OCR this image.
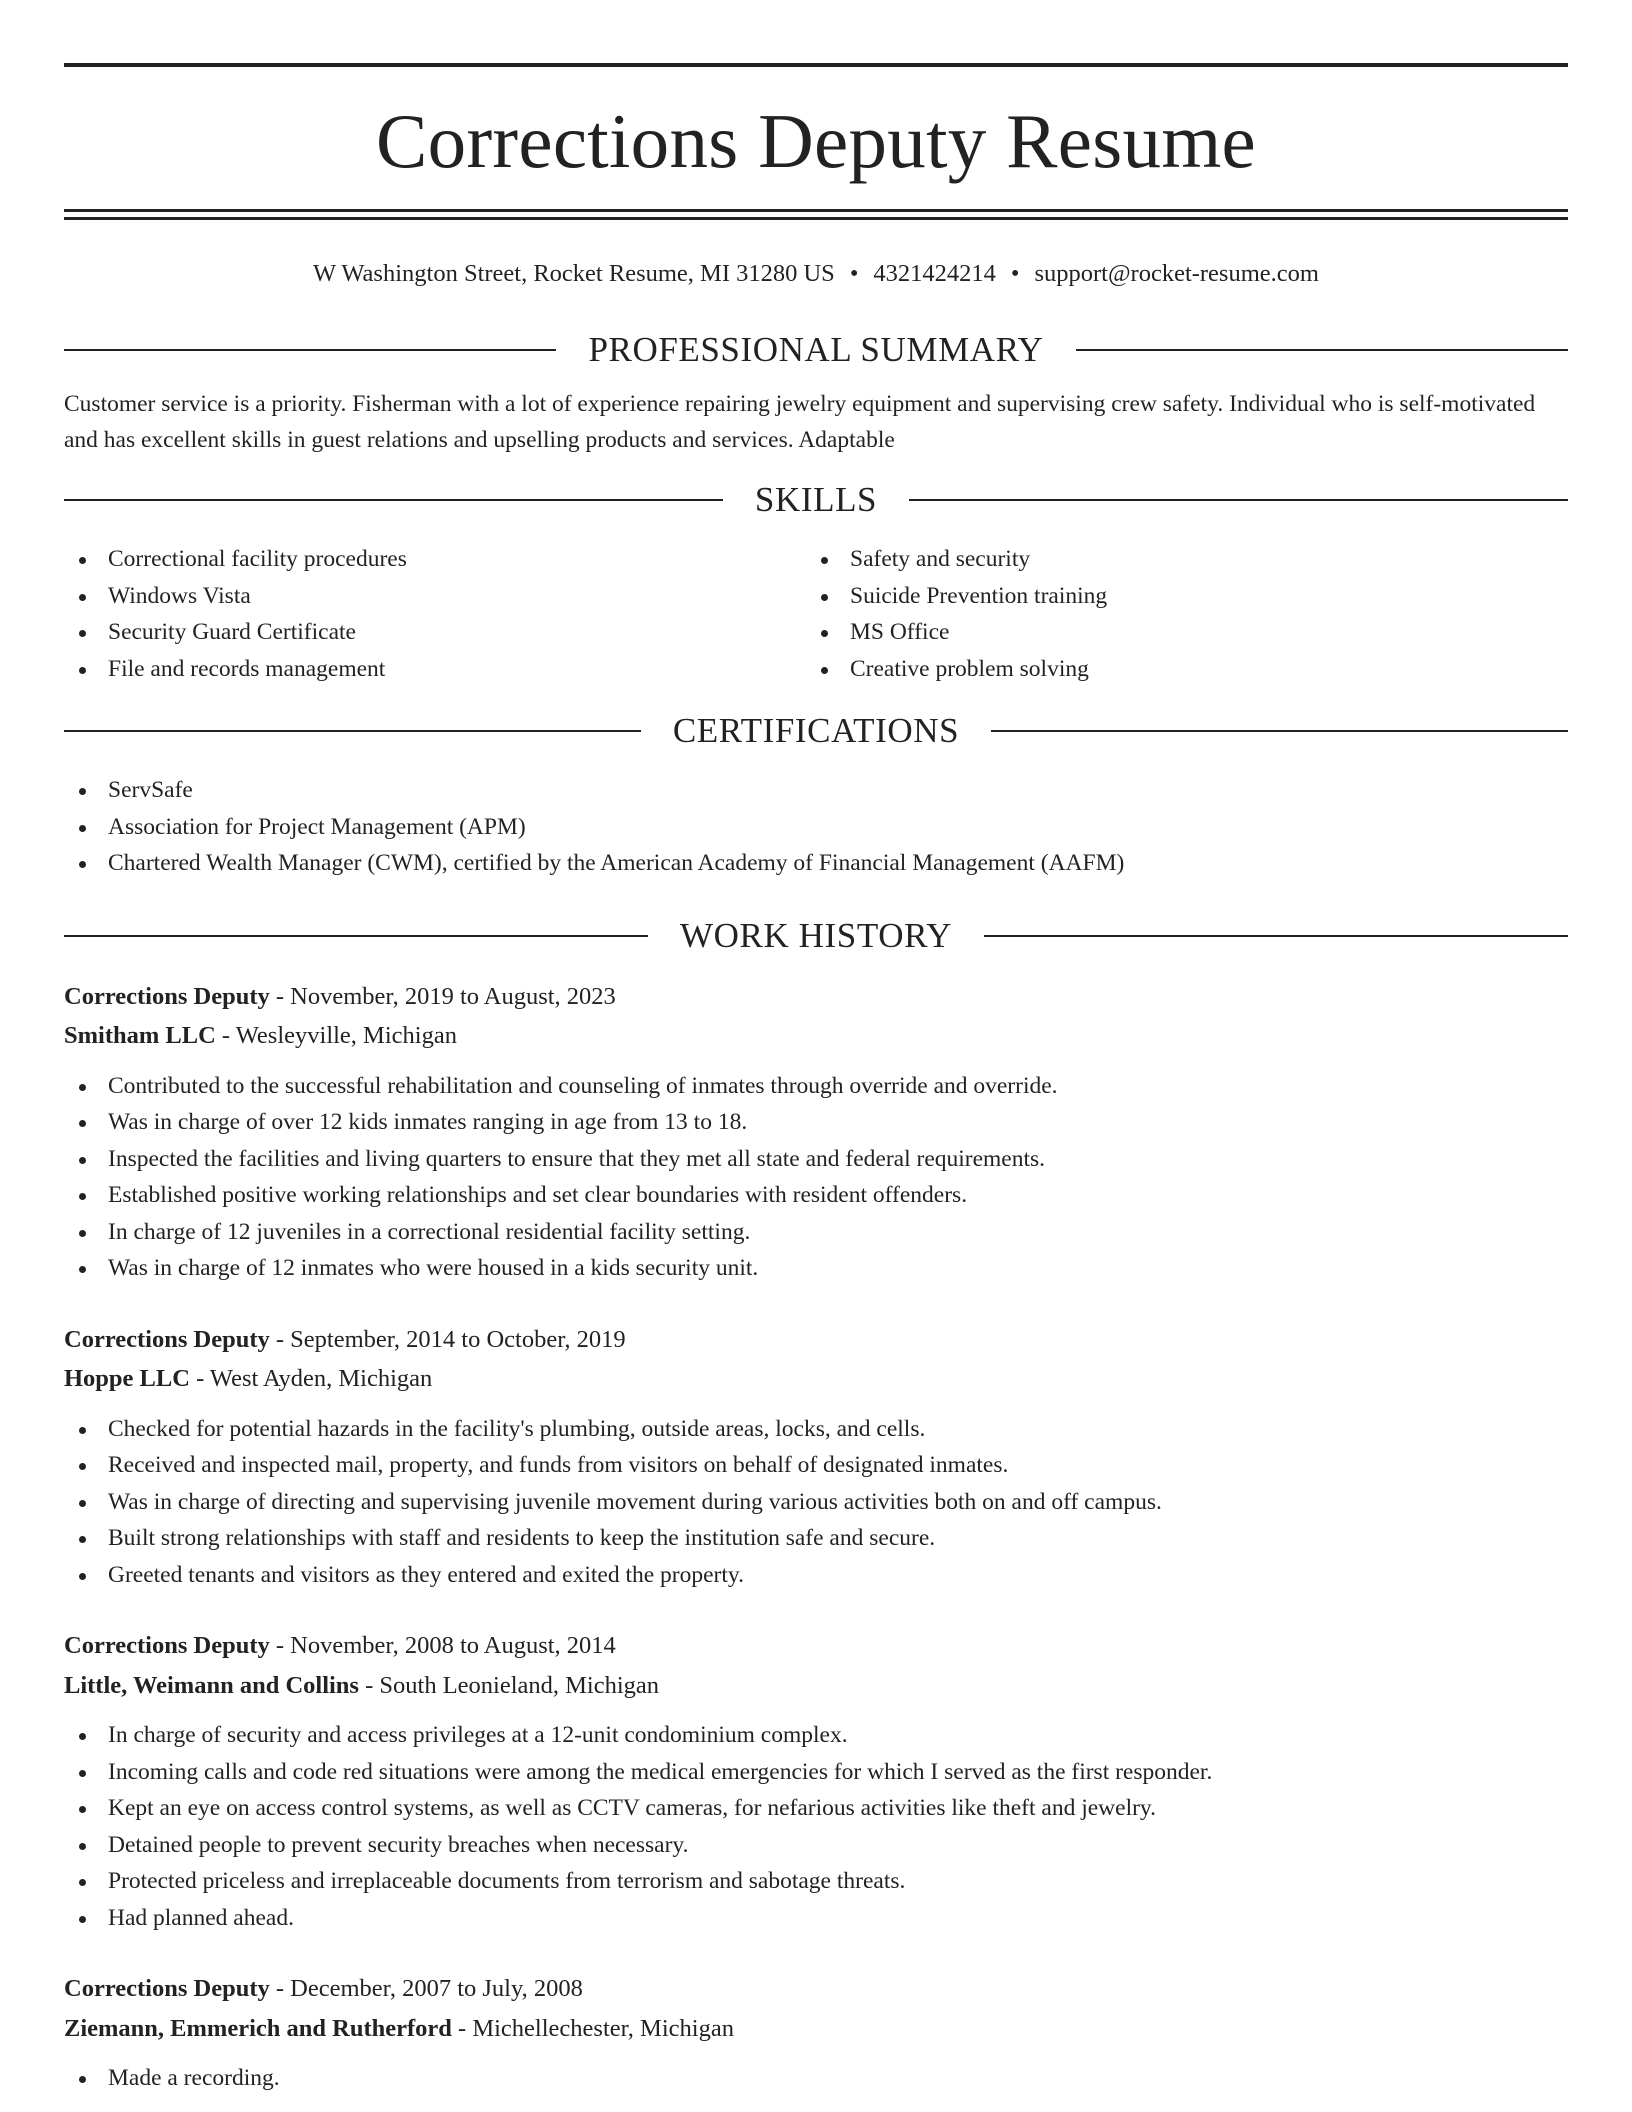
Corrections Deputy Resume
W Washington Street, Rocket Resume, MI 31280 US • 4321424214 • support@rocket-resume.com
PROFESSIONAL SUMMARY

Customer service is a priority. Fisherman with a lot of experience repairing jewelry equipment and supervising crew safety. Individual who is self-motivated and has excellent skills in guest relations and upselling products and services. Adaptable

SKILLS
Correctional facility procedures
Windows Vista
Security Guard Certificate
File and records management
Safety and security
Suicide Prevention training
MS Office
Creative problem solving
CERTIFICATIONS
ServSafe
Association for Project Management (APM)
Chartered Wealth Manager (CWM), certified by the American Academy of Financial Management (AAFM)
WORK HISTORY
Corrections Deputy - November, 2019 to August, 2023
Smitham LLC - Wesleyville, Michigan
Contributed to the successful rehabilitation and counseling of inmates through override and override.
Was in charge of over 12 kids inmates ranging in age from 13 to 18.
Inspected the facilities and living quarters to ensure that they met all state and federal requirements.
Established positive working relationships and set clear boundaries with resident offenders.
In charge of 12 juveniles in a correctional residential facility setting.
Was in charge of 12 inmates who were housed in a kids security unit.
Corrections Deputy - September, 2014 to October, 2019
Hoppe LLC - West Ayden, Michigan
Checked for potential hazards in the facility's plumbing, outside areas, locks, and cells.
Received and inspected mail, property, and funds from visitors on behalf of designated inmates.
Was in charge of directing and supervising juvenile movement during various activities both on and off campus.
Built strong relationships with staff and residents to keep the institution safe and secure.
Greeted tenants and visitors as they entered and exited the property.
Corrections Deputy - November, 2008 to August, 2014
Little, Weimann and Collins - South Leonieland, Michigan
In charge of security and access privileges at a 12-unit condominium complex.
Incoming calls and code red situations were among the medical emergencies for which I served as the first responder.
Kept an eye on access control systems, as well as CCTV cameras, for nefarious activities like theft and jewelry.
Detained people to prevent security breaches when necessary.
Protected priceless and irreplaceable documents from terrorism and sabotage threats.
Had planned ahead.
Corrections Deputy - December, 2007 to July, 2008
Ziemann, Emmerich and Rutherford - Michellechester, Michigan
Made a recording.
